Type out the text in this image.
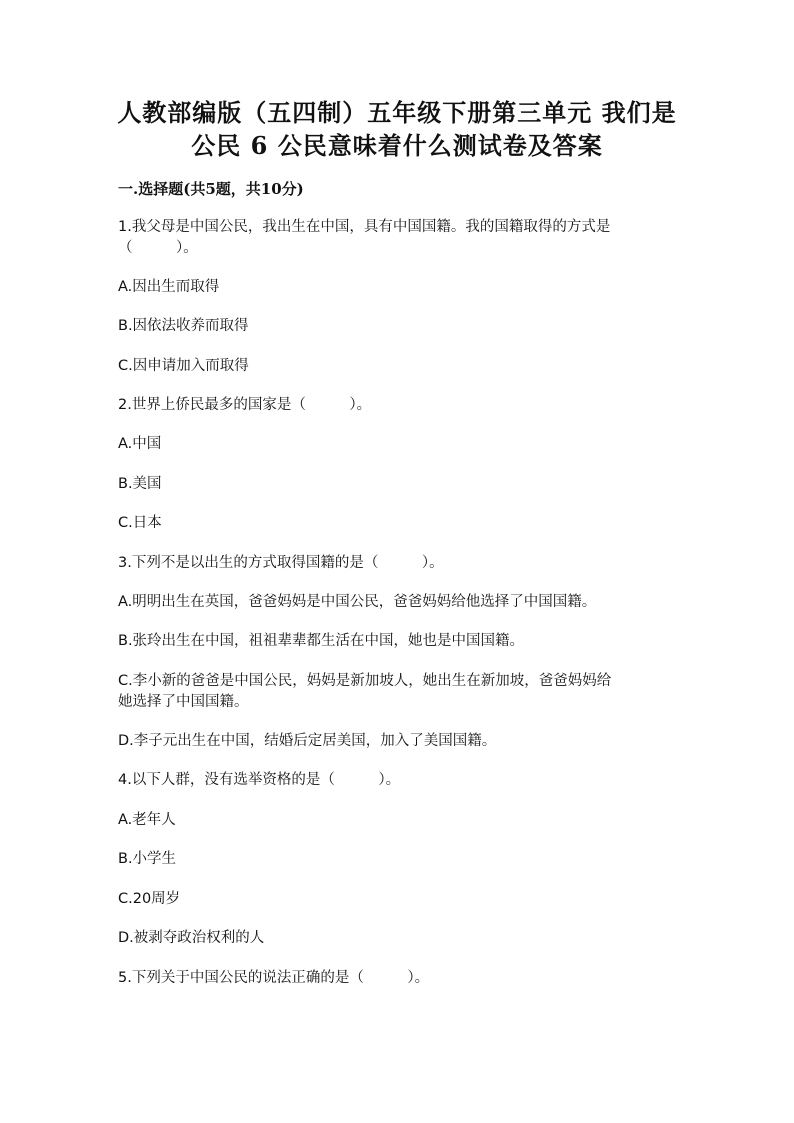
人教部编版（五四制）五年级下册第三单元 我们是
公民 6 公民意味着什么测试卷及答案
一.选择题(共5题，共10分)
1.我父母是中国公民，我出生在中国，具有中国国籍。我的国籍取得的方式是
（　　　）。
A.因出生而取得
B.因依法收养而取得
C.因申请加入而取得
2.世界上侨民最多的国家是（　　　）。
A.中国
B.美国
C.日本
3.下列不是以出生的方式取得国籍的是（　　　）。
A.明明出生在英国，爸爸妈妈是中国公民，爸爸妈妈给他选择了中国国籍。
B.张玲出生在中国，祖祖辈辈都生活在中国，她也是中国国籍。
C.李小新的爸爸是中国公民，妈妈是新加坡人，她出生在新加坡，爸爸妈妈给
她选择了中国国籍。
D.李子元出生在中国，结婚后定居美国，加入了美国国籍。
4.以下人群，没有选举资格的是（　　　）。
A.老年人
B.小学生
C.20周岁
D.被剥夺政治权利的人
5.下列关于中国公民的说法正确的是（　　　）。
